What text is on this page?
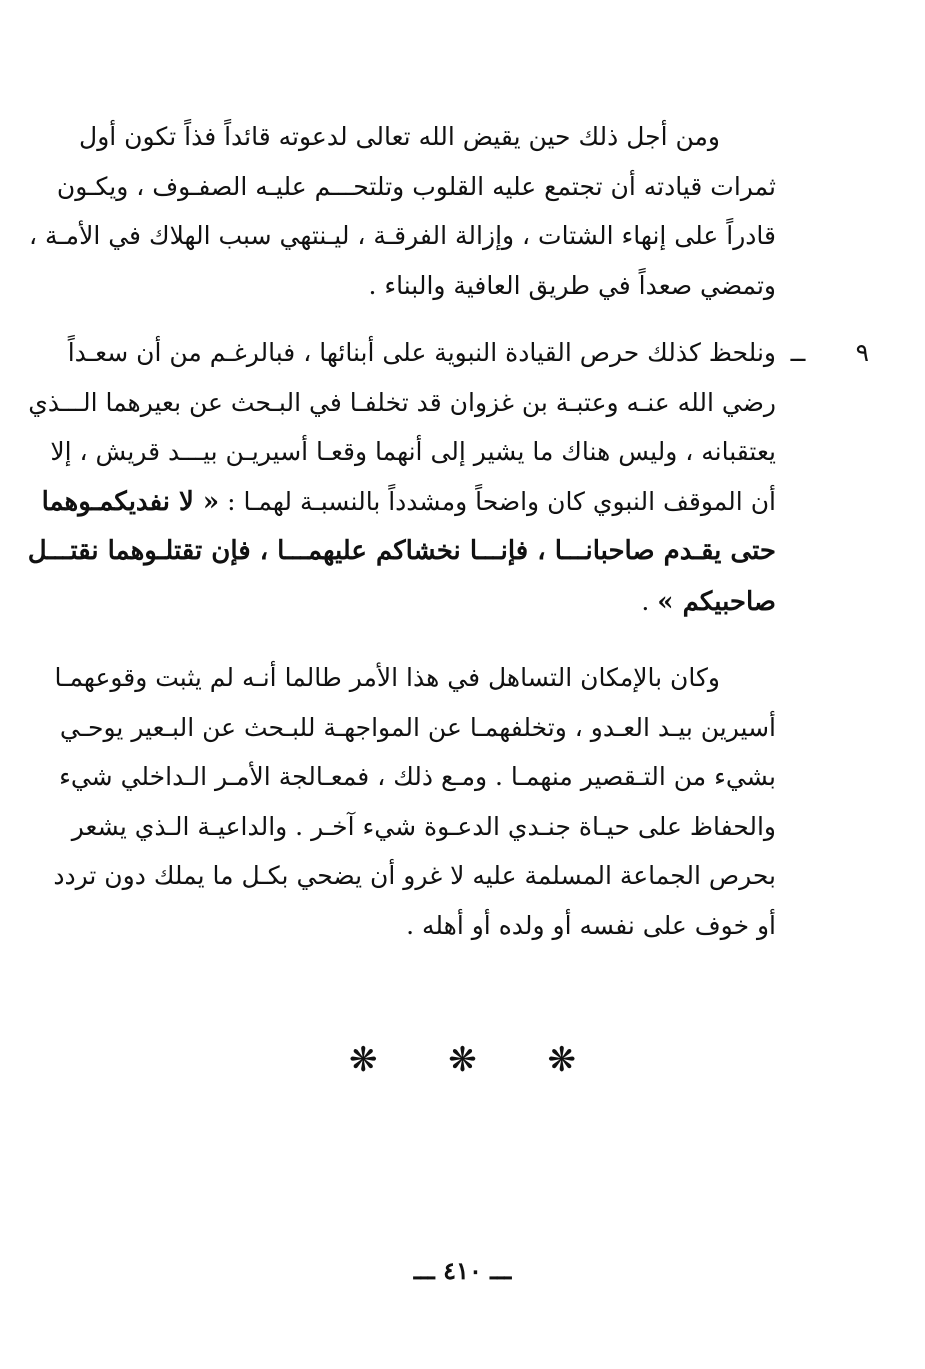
ومن أجل ذلك حين يقيض الله تعالى لدعوته قائداً فذاً تكون أول
ثمرات قيادته أن تجتمع عليه القلوب وتلتحـــم عليـه الصفـوف ، ويكـون
قادراً على إنهاء الشتات ، وإزالة الفرقـة ، ليـنتهي سبب الهلاك في الأمـة ،
وتمضي صعداً في طريق العافية والبناء .
٩
ــ
ونلحظ كذلك حرص القيادة النبوية على أبنائها ، فبالرغـم من أن سعـداً
رضي الله عنـه وعتبـة بن غزوان قد تخلفـا في البـحث عن بعيرهما الـــذي
يعتقبانه ، وليس هناك ما يشير إلى أنهما وقعـا أسيريـن بيـــد قريش ، إلا
أن الموقف النبوي كان واضحاً ومشدداً بالنسبـة لهمـا : « لا نفديكمـوهما
حتى يقـدم صاحبانـــا ، فإنـــا نخشاكم عليهمـــا ، فإن تقتلـوهما نقتـــل
صاحبيكم » .
وكان بالإمكان التساهل في هذا الأمر طالما أنـه لم يثبت وقوعهمـا
أسيرين بيـد العـدو ، وتخلفهمـا عن المواجهـة للبـحث عن البـعير يوحـي
بشيء من التـقصير منهمـا . ومـع ذلك ، فمعـالجة الأمـر الـداخلي شيء
والحفاظ على حيـاة جنـدي الدعـوة شيء آخـر . والداعيـة الـذي يشعر
بحرص الجماعة المسلمة عليه لا غرو أن يضحي بكـل ما يملك دون تردد
أو خوف على نفسه أو ولده أو أهله .
❋ ❋ ❋
ـــ ٤١٠ ـــ
